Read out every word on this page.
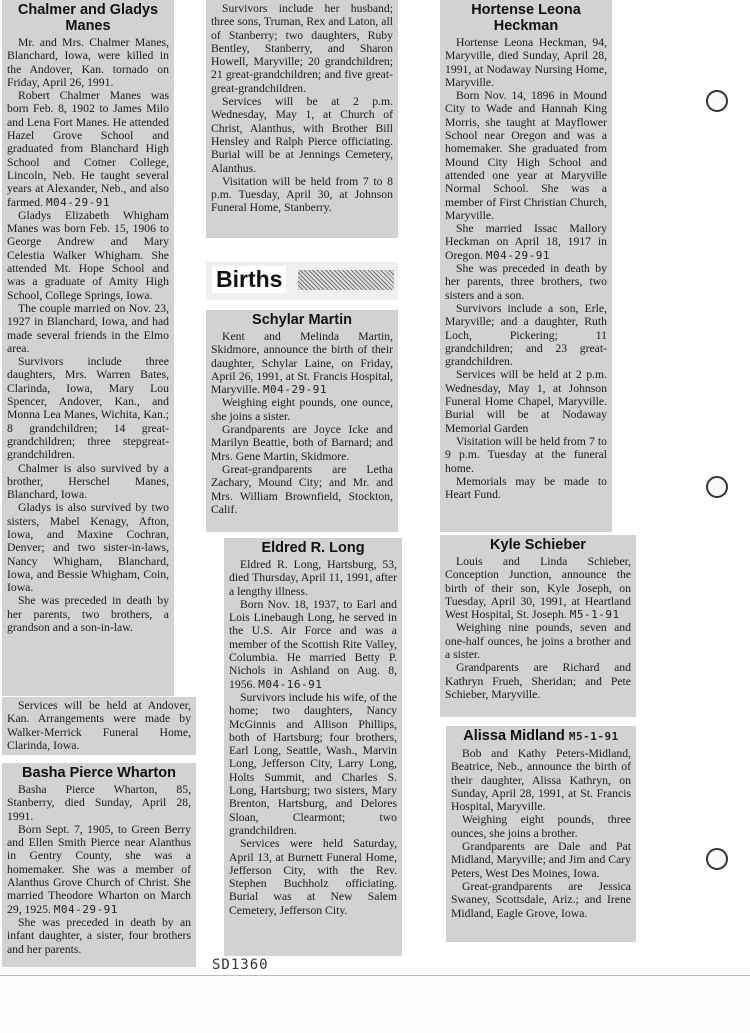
Chalmer and Gladys Manes

Mr. and Mrs. Chalmer Manes, Blanchard, Iowa, were killed in the Andover, Kan. tornado on Friday, April 26, 1991.

Robert Chalmer Manes was born Feb. 8, 1902 to James Milo and Lena Fort Manes. He attended Hazel Grove School and graduated from Blanchard High School and Cotner College, Lincoln, Neb. He taught several years at Alexander, Neb., and also farmed. M04-29-91

Gladys Elizabeth Whigham Manes was born Feb. 15, 1906 to George Andrew and Mary Celestia Walker Whigham. She attended Mt. Hope School and was a graduate of Amity High School, College Springs, Iowa.

The couple married on Nov. 23, 1927 in Blanchard, Iowa, and had made several friends in the Elmo area.

Survivors include three daughters, Mrs. Warren Bates, Clarinda, Iowa, Mary Lou Spencer, Andover, Kan., and Monna Lea Manes, Wichita, Kan.; 8 grandchildren; 14 great-grandchildren; three stepgreat-grandchildren.

Chalmer is also survived by a brother, Herschel Manes, Blanchard, Iowa.

Gladys is also survived by two sisters, Mabel Kenagy, Afton, Iowa, and Maxine Cochran, Denver; and two sister-in-laws, Nancy Whigham, Blanchard, Iowa, and Bessie Whigham, Coin, Iowa.

She was preceded in death by her parents, two brothers, a grandson and a son-in-law.

Services will be held at Andover, Kan. Arrangements were made by Walker-Merrick Funeral Home, Clarinda, Iowa.

Basha Pierce Wharton

Basha Pierce Wharton, 85, Stanberry, died Sunday, April 28, 1991.

Born Sept. 7, 1905, to Green Berry and Ellen Smith Pierce near Alanthus in Gentry County, she was a homemaker. She was a member of Alanthus Grove Church of Christ. She married Theodore Wharton on March 29, 1925. M04-29-91

She was preceded in death by an infant daughter, a sister, four brothers and her parents.

Survivors include her husband; three sons, Truman, Rex and Laton, all of Stanberry; two daughters, Ruby Bentley, Stanberry, and Sharon Howell, Maryville; 20 grandchildren; 21 great-grandchildren; and five great-great-grandchildren.

Services will be at 2 p.m. Wednesday, May 1, at Church of Christ, Alanthus, with Brother Bill Hensley and Ralph Pierce officiating. Burial will be at Jennings Cemetery, Alanthus.

Visitation will be held from 7 to 8 p.m. Tuesday, April 30, at Johnson Funeral Home, Stanberry.

Births
Schylar Martin

Kent and Melinda Martin, Skidmore, announce the birth of their daughter, Schylar Laine, on Friday, April 26, 1991, at St. Francis Hospital, Maryville. M04-29-91

Weighing eight pounds, one ounce, she joins a sister.

Grandparents are Joyce Icke and Marilyn Beattie, both of Barnard; and Mrs. Gene Martin, Skidmore.

Great-grandparents are Letha Zachary, Mound City; and Mr. and Mrs. William Brownfield, Stockton, Calif.

Eldred R. Long

Eldred R. Long, Hartsburg, 53, died Thursday, April 11, 1991, after a lengthy illness.

Born Nov. 18, 1937, to Earl and Lois Linebaugh Long, he served in the U.S. Air Force and was a member of the Scottish Rite Valley, Columbia. He married Betty P. Nichols in Ashland on Aug. 8, 1956. M04-16-91

Survivors include his wife, of the home; two daughters, Nancy McGinnis and Allison Phillips, both of Hartsburg; four brothers, Earl Long, Seattle, Wash., Marvin Long, Jefferson City, Larry Long, Holts Summit, and Charles S. Long, Hartsburg; two sisters, Mary Brenton, Hartsburg, and Delores Sloan, Clearmont; two grandchildren.

Services were held Saturday, April 13, at Burnett Funeral Home, Jefferson City, with the Rev. Stephen Buchholz officiating. Burial was at New Salem Cemetery, Jefferson City.

Hortense Leona Heckman

Hortense Leona Heckman, 94, Maryville, died Sunday, April 28, 1991, at Nodaway Nursing Home, Maryville.

Born Nov. 14, 1896 in Mound City to Wade and Hannah King Morris, she taught at Mayflower School near Oregon and was a homemaker. She graduated from Mound City High School and attended one year at Maryville Normal School. She was a member of First Christian Church, Maryville.

She married Issac Mallory Heckman on April 18, 1917 in Oregon. M04-29-91

She was preceded in death by her parents, three brothers, two sisters and a son.

Survivors include a son, Erle, Maryville; and a daughter, Ruth Loch, Pickering; 11 grandchildren; and 23 great-grandchildren.

Services will be held at 2 p.m. Wednesday, May 1, at Johnson Funeral Home Chapel, Maryville. Burial will be at Nodaway Memorial Garden

Visitation will be held from 7 to 9 p.m. Tuesday at the funeral home.

Memorials may be made to Heart Fund.

Kyle Schieber

Louis and Linda Schieber, Conception Junction, announce the birth of their son, Kyle Joseph, on Tuesday, April 30, 1991, at Heartland West Hospital, St. Joseph. M5-1-91

Weighing nine pounds, seven and one-half ounces, he joins a brother and a sister.

Grandparents are Richard and Kathryn Frueh, Sheridan; and Pete Schieber, Maryville.

Alissa Midland M5-1-91

Bob and Kathy Peters-Midland, Beatrice, Neb., announce the birth of their daughter, Alissa Kathryn, on Sunday, April 28, 1991, at St. Francis Hospital, Maryville.

Weighing eight pounds, three ounces, she joins a brother.

Grandparents are Dale and Pat Midland, Maryville; and Jim and Cary Peters, West Des Moines, Iowa.

Great-grandparents are Jessica Swaney, Scottsdale, Ariz.; and Irene Midland, Eagle Grove, Iowa.

SD1360
